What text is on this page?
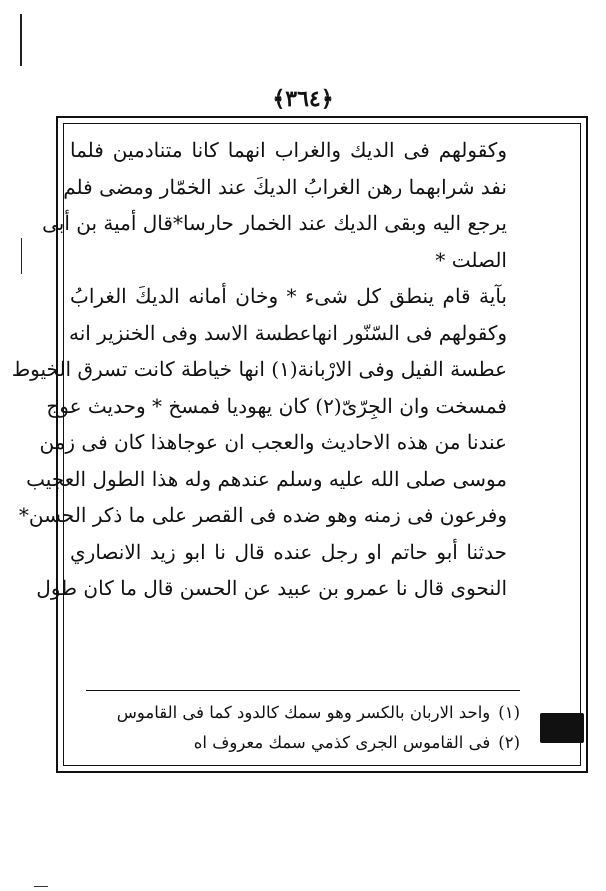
﴾٣٦٤﴿
وكقولهم فى الديك والغراب انهما كانا متنادمين فلما
نفد شرابهما رهن الغرابُ الديكَ عند الخمّار ومضى فلم
يرجع اليه وبقى الديك عند الخمار حارسا*قال أمية بن أبى
الصلت *
بآية قام ينطق كل شىء * وخان أمانه الديكَ الغرابُ
وكقولهم فى السّنّور انهاعطسة الاسد وفى الخنزير انه
عطسة الفيل وفى الارْبانة(١) انها خياطة كانت تسرق الخيوط
فمسخت وان الجِرّىّ(٢) كان يهوديا فمسخ * وحديث عوج
عندنا من هذه الاحاديث والعجب ان عوجاهذا كان فى زمن
موسى صلى الله عليه وسلم عندهم وله هذا الطول العجيب
وفرعون فى زمنه وهو ضده فى القصر على ما ذكر الحسن*
حدثنا أبو حاتم او رجل عنده قال نا ابو زيد الانصاري
النحوى قال نا عمرو بن عبيد عن الحسن قال ما كان طول
(١)واحد الاربان بالكسر وهو سمك كالدود كما فى القاموس
(٢)فى القاموس الجرى كذمي سمك معروف اه
